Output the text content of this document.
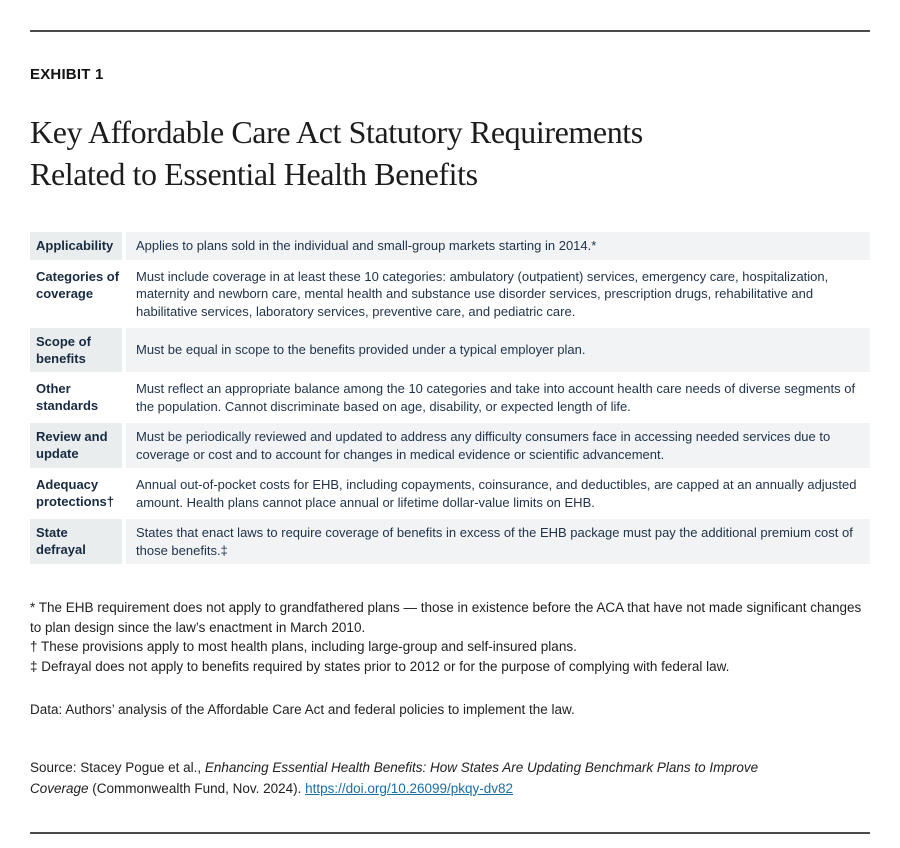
EXHIBIT 1
Key Affordable Care Act Statutory Requirements
Related to Essential Health Benefits
Applicability	Applies to plans sold in the individual and small-group markets starting in 2014.*
Categories of coverage
Must include coverage in at least these 10 categories: ambulatory (outpatient) services, emergency care, hospitalization, maternity and newborn care, mental health and substance use disorder services, prescription drugs, rehabilitative and habilitative services, laboratory services, preventive care, and pediatric care.
Scope of benefits
Must be equal in scope to the benefits provided under a typical employer plan.
Other standards
Must reflect an appropriate balance among the 10 categories and take into account health care needs of diverse segments of the population. Cannot discriminate based on age, disability, or expected length of life.
Review and update
Must be periodically reviewed and updated to address any difficulty consumers face in accessing needed services due to coverage or cost and to account for changes in medical evidence or scientific advancement.
Adequacy protections†
Annual out-of-pocket costs for EHB, including copayments, coinsurance, and deductibles, are capped at an annually adjusted amount. Health plans cannot place annual or lifetime dollar-value limits on EHB.
State defrayal
States that enact laws to require coverage of benefits in excess of the EHB package must pay the additional premium cost of those benefits.‡

* The EHB requirement does not apply to grandfathered plans — those in existence before the ACA that have not made significant changes to plan design since the law’s enactment in March 2010.

† These provisions apply to most health plans, including large-group and self-insured plans.

‡ Defrayal does not apply to benefits required by states prior to 2012 or for the purpose of complying with federal law.

Data: Authors’ analysis of the Affordable Care Act and federal policies to implement the law.
Source: Stacey Pogue et al., Enhancing Essential Health Benefits: How States Are Updating Benchmark Plans to Improve Coverage (Commonwealth Fund, Nov. 2024). https://doi.org/10.26099/pkqy-dv82
